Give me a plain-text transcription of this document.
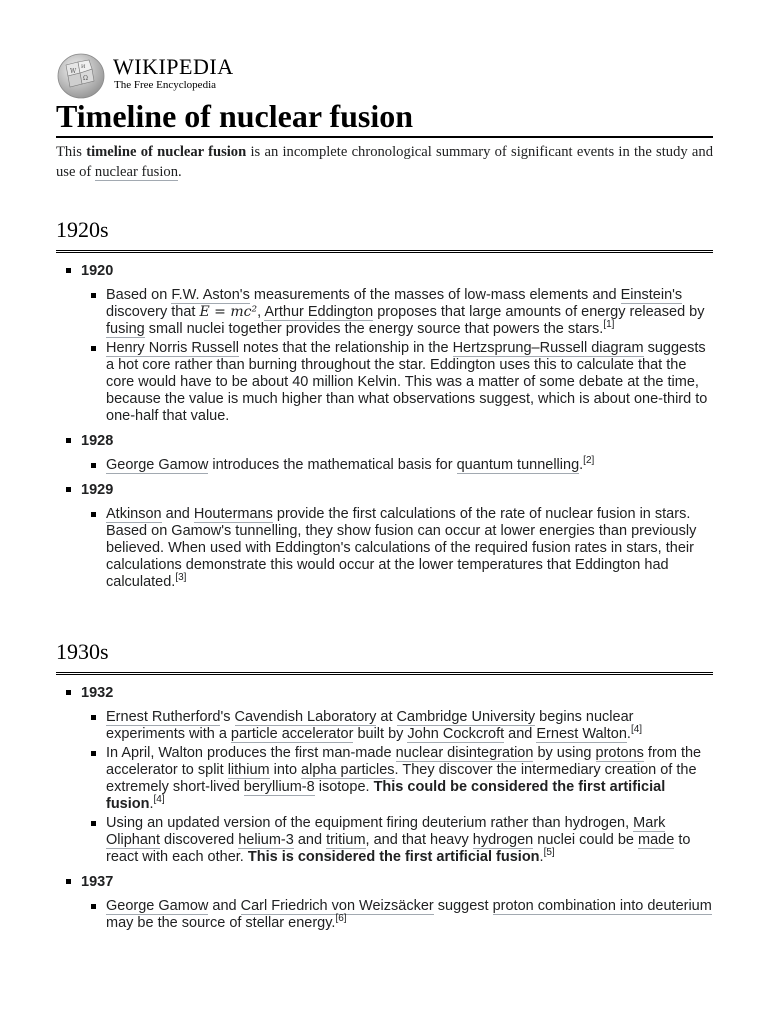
W
Ω
И WIKIPEDIA
The Free Encyclopedia
Timeline of nuclear fusion

This timeline of nuclear fusion is an incomplete chronological summary of significant events in the study and use of nuclear fusion.

1920s
1920
Based on F.W. Aston's measurements of the masses of low-mass elements and Einstein's discovery that E = mc², Arthur Eddington proposes that large amounts of energy released by fusing small nuclei together provides the energy source that powers the stars.[1]
Henry Norris Russell notes that the relationship in the Hertzsprung–Russell diagram suggests a hot core rather than burning throughout the star. Eddington uses this to calculate that the core would have to be about 40 million Kelvin. This was a matter of some debate at the time, because the value is much higher than what observations suggest, which is about one-third to one-half that value.
1928
George Gamow introduces the mathematical basis for quantum tunnelling.[2]
1929
Atkinson and Houtermans provide the first calculations of the rate of nuclear fusion in stars. Based on Gamow's tunnelling, they show fusion can occur at lower energies than previously believed. When used with Eddington's calculations of the required fusion rates in stars, their calculations demonstrate this would occur at the lower temperatures that Eddington had calculated.[3]
1930s
1932
Ernest Rutherford's Cavendish Laboratory at Cambridge University begins nuclear experiments with a particle accelerator built by John Cockcroft and Ernest Walton.[4]
In April, Walton produces the first man-made nuclear disintegration by using protons from the accelerator to split lithium into alpha particles. They discover the intermediary creation of the extremely short-lived beryllium-8 isotope. This could be considered the first artificial fusion.[4]
Using an updated version of the equipment firing deuterium rather than hydrogen, Mark Oliphant discovered helium-3 and tritium, and that heavy hydrogen nuclei could be made to react with each other. This is considered the first artificial fusion.[5]
1937
George Gamow and Carl Friedrich von Weizsäcker suggest proton combination into deuterium may be the source of stellar energy.[6]
